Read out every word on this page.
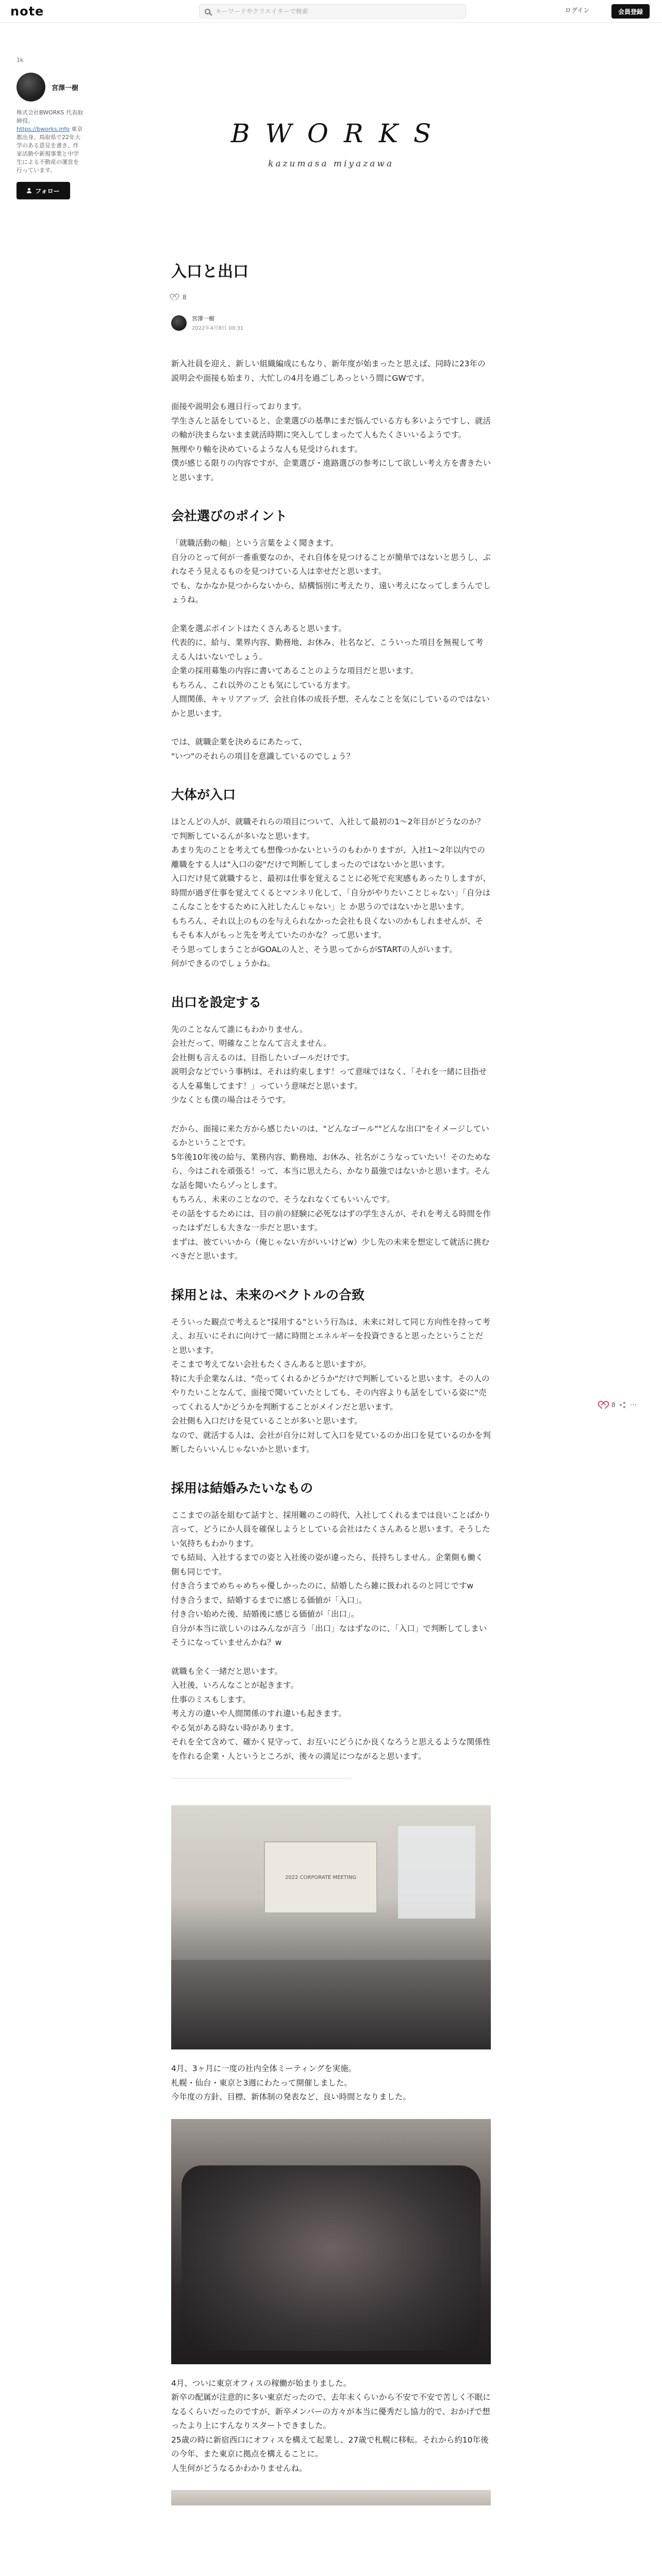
note
キーワードやクリエイターで検索	ログイン	会員登録
1k
宮澤一樹
株式会社BWORKS 代表取締役。https://bworks.info 東京都出身。鳥取県で22年大学のある意見を書き、作家活動や新規事業と中学生による不動産の運営を行っています。
フォロー
BWORKS
kazumasa miyazawa
入口と出口
8
宮澤一樹
2022年4月8日 00:31

新入社員を迎え、新しい組織編成にもなり、新年度が始まったと思えば、同時に23年の説明会や面接も始まり、大忙しの4月を過ごしあっという間にGWです。

面接や説明会も週日行っております。
学生さんと話をしていると、企業選びの基準にまだ悩んでいる方も多いようですし、就活の軸が決まらないまま就活時期に突入してしまったて人もたくさいいるようです。
無理やり軸を決めているような人も見受けられます。
僕が感じる限りの内容ですが、企業選び・進路選びの参考にして欲しい考え方を書きたいと思います。

会社選びのポイント

「就職活動の軸」という言葉をよく聞きます。
自分のとって何が一番重要なのか、それ自体を見つけることが簡単ではないと思うし、ぶれなそう見えるものを見つけている人は幸せだと思います。
でも、なかなか見つからないから、結構悩別に考えたり、遠い考えになってしまうんでしょうね。

企業を選ぶポイントはたくさんあると思います。
代表的に、給与、業界内容、勤務地、お休み、社名など、こういった項目を無視して考える人はいないでしょう。
企業の採用募集の内容に書いてあることのような項目だと思います。
もちろん、これ以外のことも気にしている方ます。
人間関係、キャリアアップ、会社自体の成長予想、そんなことを気にしているのではないかと思います。

では、就職企業を決めるにあたって、
"いつ"のそれらの項目を意識しているのでしょう？

大体が入口

ほとんどの人が、就職それらの項目について、入社して最初の1〜2年目がどうなのか？で判断しているんが多いなと思います。
あまり先のことを考えても想像つかないというのもわかりますが、入社1〜2年以内での離職をする人は"入口の姿"だけで判断してしまったのではないかと思います。
入口だけ見て就職すると、最初は仕事を覚えることに必死で充実感もあったりしますが、時間が過ぎ仕事を覚えてくるとマンネリ化して、「自分がやりたいことじゃない」「自分はこんなことをするために入社したんじゃない」と か思うのではないかと思います。
もちろん、それ以上のものを与えられなかった会社も良くないのかもしれませんが、そもそも本人がもっと先を考えていたのかな？って思います。
そう思ってしまうことがGOALの人と、そう思ってからがSTARTの人がいます。
何ができるのでしょうかね。

出口を設定する

先のことなんて誰にもわかりません。
会社だって、明確なことなんて言えません。
会社側も言えるのは、目指したいゴールだけです。
説明会などでいう事柄は、それは約束します！って意味ではなく、「それを一緒に目指せる人を募集してます！」っていう意味だと思います。
少なくとも僕の場合はそうです。

だから、面接に来た方から感じたいのは、"どんなゴール""どんな出口"をイメージしているかということです。
5年後10年後の給与、業務内容、勤務地、お休み、社名がこうなっていたい！そのためなら、今はこれを頑張る！って、本当に思えたら、かなり最強ではないかと思います。そんな話を聞いたらゾっとします。
もちろん、未来のことなので、そうなれなくてもいいんです。
その話をするためには、目の前の経験に必死なはずの学生さんが、それを考える時間を作ったはずだしも大きな一歩だと思います。
まずは、彼ていいから（俺じゃない方がいいけどw）少し先の未来を想定して就活に挑むべきだと思います。

採用とは、未来のベクトルの合致

そういった観点で考えると"採用する"という行為は、未来に対して同じ方向性を持って考え、お互いにそれに向けて一緒に時間とエネルギーを投資できると思ったということだと思います。
そこまで考えてない会社もたくさんあると思いますが。
特に大手企業なんは、"売ってくれるかどうか"だけで判断していると思います。その人のやりたいことなんて、面接で聞いていたとしても、その内容よりも話をしている姿に"売ってくれる人"かどうかを判断することがメインだと思います。
会社側も入口だけを見ていることが多いと思います。
なので、就活する人は、会社が自分に対して入口を見ているのか出口を見ているのかを判断したらいいんじゃないかと思います。

採用は結婚みたいなもの

ここまでの話を組むて話すと、採用難のこの時代、入社してくれるまでは良いことばかり言って、どうにか人員を確保しようとしている会社はたくさんあると思います。そうしたい気持ちもわかります。
でも結局、入社するまでの姿と入社後の姿が違ったら、長持ちしません。企業側も働く側も同じです。
付き合うまでめちゃめちゃ優しかったのに、結婚したら雑に扱われるのと同じですw
付き合うまで、結婚するまでに感じる価値が「入口」。
付き合い始めた後、結婚後に感じる価値が「出口」。
自分が本当に欲しいのはみんなが言う「出口」なはずなのに、「入口」で判断してしまいそうになっていませんかね？w

就職も全く一緒だと思います。
入社後、いろんなことが起きます。
仕事のミスもします。
考え方の違いや人間関係のすれ違いも起きます。
やる気がある時ない時があります。
それを全て含めて、確かく見守って、お互いにどうにか良くなろうと思えるような関係性を作れる企業・人というところが、後々の満足につながると思います。

2022 CORPORATE MEETING

4月、3ヶ月に一度の社内全体ミーティングを実施。
札幌・仙台・東京と3週にわたって開催しました。
今年度の方針、目標、新体制の発表など、良い時間となりました。

4月、ついに東京オフィスの稼働が始まりました。
新卒の配属が注意的に多い東京だったので、去年末くらいから不安で不安で苦しく不眠になるくらいだったのですが、新卒メンバーの方々が本当に優秀だし協力的で、おかげで想ったより上にすんなりスタートできました。
25歳の時に新宿西口にオフィスを構えて起業し、27歳で札幌に移転。それから約10年後の今年、また東京に拠点を構えることに。
人生何がどうなるかわかりませんね。

8 ⋯
